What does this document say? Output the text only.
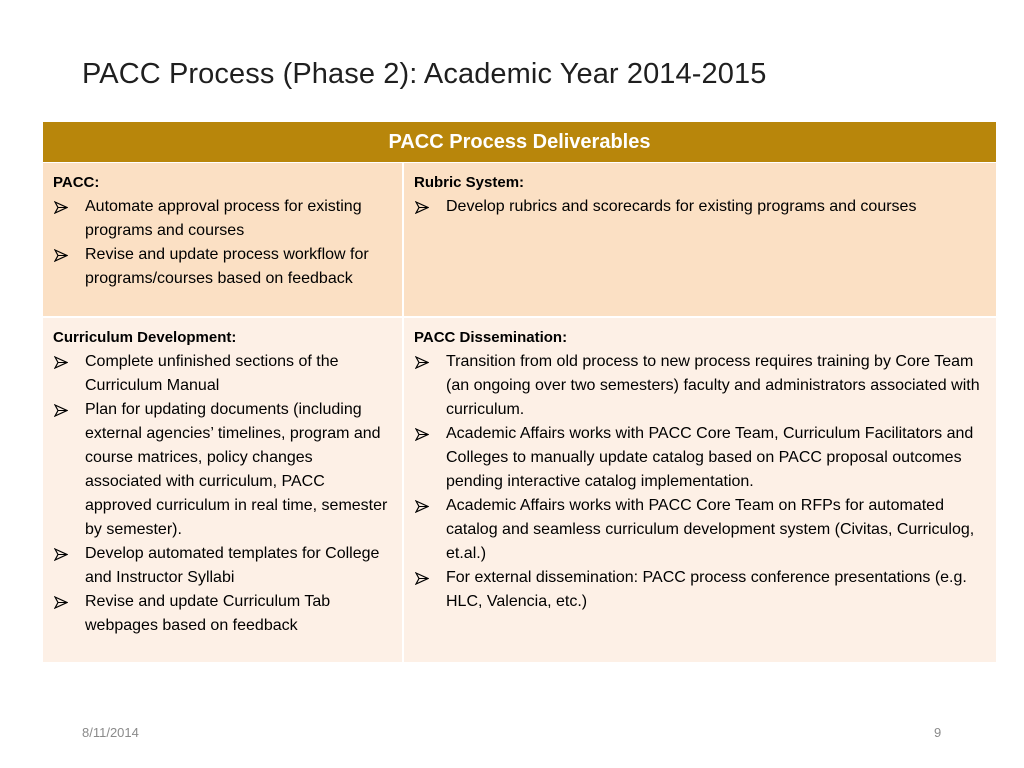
PACC Process (Phase 2): Academic Year 2014-2015
PACC Process Deliverables
PACC:
Automate approval process for existing programs and courses
Revise and update process workflow for programs/courses based on feedback
Rubric System:
Develop rubrics and scorecards for existing programs and courses
Curriculum Development:
Complete unfinished sections of the Curriculum Manual
Plan for updating documents (including external agencies’ timelines, program and course matrices, policy changes associated with curriculum, PACC approved curriculum in real time, semester by semester).
Develop automated templates for College and Instructor Syllabi
Revise and update Curriculum Tab webpages based on feedback
PACC Dissemination:
Transition from old process to new process requires training by Core Team (an ongoing over two semesters) faculty and administrators associated with curriculum.
Academic Affairs works with PACC Core Team, Curriculum Facilitators and Colleges to manually update catalog based on PACC proposal outcomes pending interactive catalog implementation.
Academic Affairs works with PACC Core Team on RFPs for automated catalog and seamless curriculum development system (Civitas, Curriculog, et.al.)
For external dissemination: PACC process conference presentations (e.g. HLC, Valencia, etc.)
8/11/2014	9
